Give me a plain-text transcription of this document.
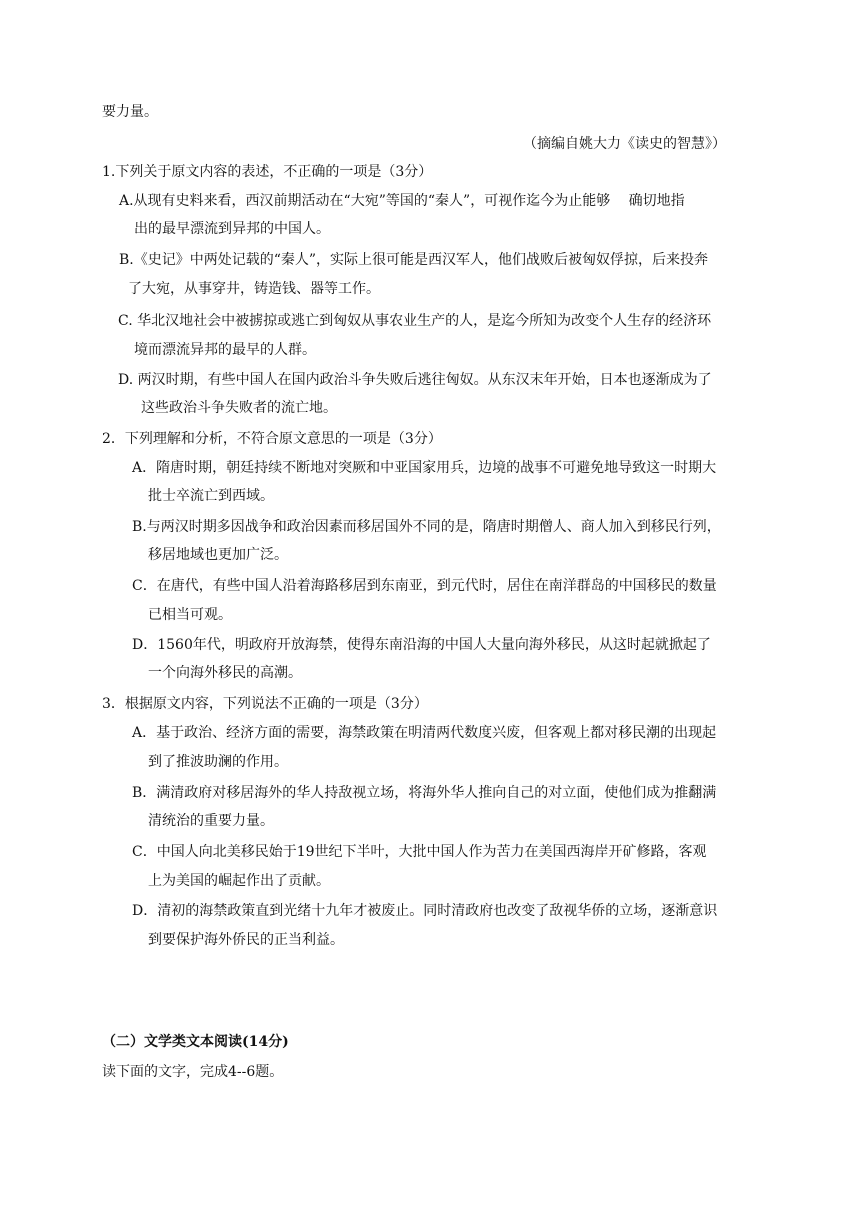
要力量。
（摘编自姚大力《读史的智慧》）
1.下列关于原文内容的表述，不正确的一项是（3分）
A.从现有史料来看，西汉前期活动在“大宛”等国的“秦人”，可视作迄今为止能够　 确切地指
出的最早漂流到异邦的中国人。
B.《史记》中两处记载的“秦人”，实际上很可能是西汉军人，他们战败后被匈奴俘掠，后来投奔
了大宛，从事穿井，铸造钱、器等工作。
C. 华北汉地社会中被掳掠或逃亡到匈奴从事农业生产的人，是迄今所知为改变个人生存的经济环
境而漂流异邦的最早的人群。
D. 两汉时期，有些中国人在国内政治斗争失败后逃往匈奴。从东汉末年开始，日本也逐渐成为了
这些政治斗争失败者的流亡地。
2．下列理解和分析，不符合原文意思的一项是（3分）
A．隋唐时期，朝廷持续不断地对突厥和中亚国家用兵，边境的战事不可避免地导致这一时期大
批士卒流亡到西域。
B.与两汉时期多因战争和政治因素而移居国外不同的是，隋唐时期僧人、商人加入到移民行列，
移居地域也更加广泛。
C．在唐代，有些中国人沿着海路移居到东南亚，到元代时，居住在南洋群岛的中国移民的数量
已相当可观。
D．1560年代，明政府开放海禁，使得东南沿海的中国人大量向海外移民，从这时起就掀起了
一个向海外移民的高潮。
3．根据原文内容，下列说法不正确的一项是（3分）
A．基于政治、经济方面的需要，海禁政策在明清两代数度兴废，但客观上都对移民潮的出现起
到了推波助澜的作用。
B．满清政府对移居海外的华人持敌视立场，将海外华人推向自己的对立面，使他们成为推翻满
清统治的重要力量。
C．中国人向北美移民始于19世纪下半叶，大批中国人作为苦力在美国西海岸开矿修路，客观
上为美国的崛起作出了贡献。
D．清初的海禁政策直到光绪十九年才被废止。同时清政府也改变了敌视华侨的立场，逐渐意识
到要保护海外侨民的正当利益。
（二）文学类文本阅读(14分)
读下面的文字，完成4--6题。
